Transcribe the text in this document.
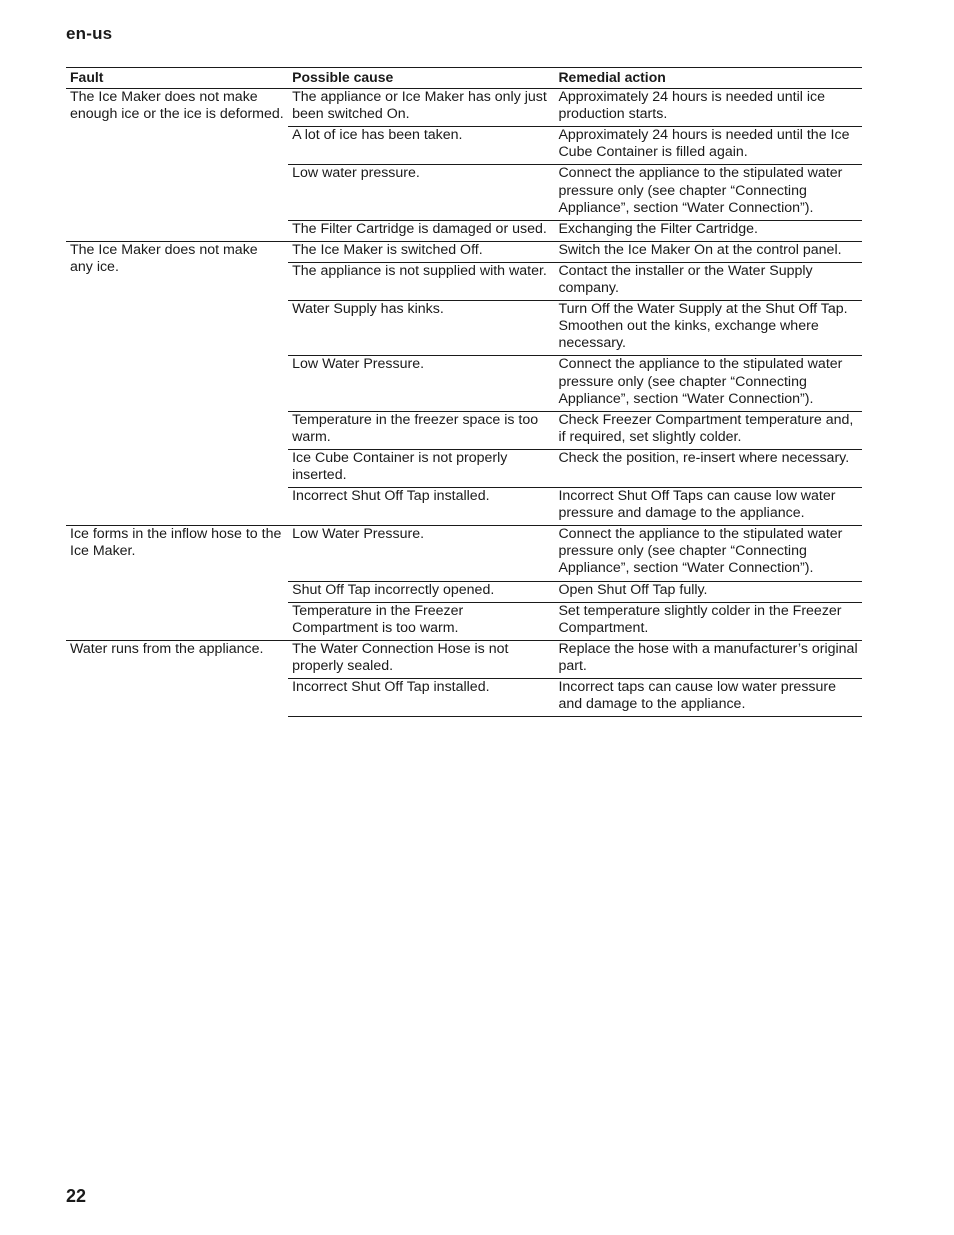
en-us
Fault	Possible cause	Remedial action
The Ice Maker does not make enough ice or the ice is deformed.	The appliance or Ice Maker has only just been switched On.	Approximately 24 hours is needed until ice production starts.
	A lot of ice has been taken.	Approximately 24 hours is needed until the Ice Cube Container is filled again.
	Low water pressure.	Connect the appliance to the stipulated water pressure only (see chapter “Connecting Appliance”, section “Water Connection”).
	The Filter Cartridge is damaged or used.	Exchanging the Filter Cartridge.
The Ice Maker does not make any ice.	The Ice Maker is switched Off.	Switch the Ice Maker On at the control panel.
	The appliance is not supplied with water.	Contact the installer or the Water Supply company.
	Water Supply has kinks.	Turn Off the Water Supply at the Shut Off Tap. Smoothen out the kinks, exchange where necessary.
	Low Water Pressure.	Connect the appliance to the stipulated water pressure only (see chapter “Connecting Appliance”, section “Water Connection”).
	Temperature in the freezer space is too warm.	Check Freezer Compartment temperature and, if required, set slightly colder.
	Ice Cube Container is not properly inserted.	Check the position, re-insert where necessary.
	Incorrect Shut Off Tap installed.	Incorrect Shut Off Taps can cause low water pressure and damage to the appliance.
Ice forms in the inflow hose to the Ice Maker.	Low Water Pressure.	Connect the appliance to the stipulated water pressure only (see chapter “Connecting Appliance”, section “Water Connection”).
	Shut Off Tap incorrectly opened.	Open Shut Off Tap fully.
	Temperature in the Freezer Compartment is too warm.	Set temperature slightly colder in the Freezer Compartment.
Water runs from the appliance.	The Water Connection Hose is not properly sealed.	Replace the hose with a manufacturer’s original part.
	Incorrect Shut Off Tap installed.	Incorrect taps can cause low water pressure and damage to the appliance.
22
